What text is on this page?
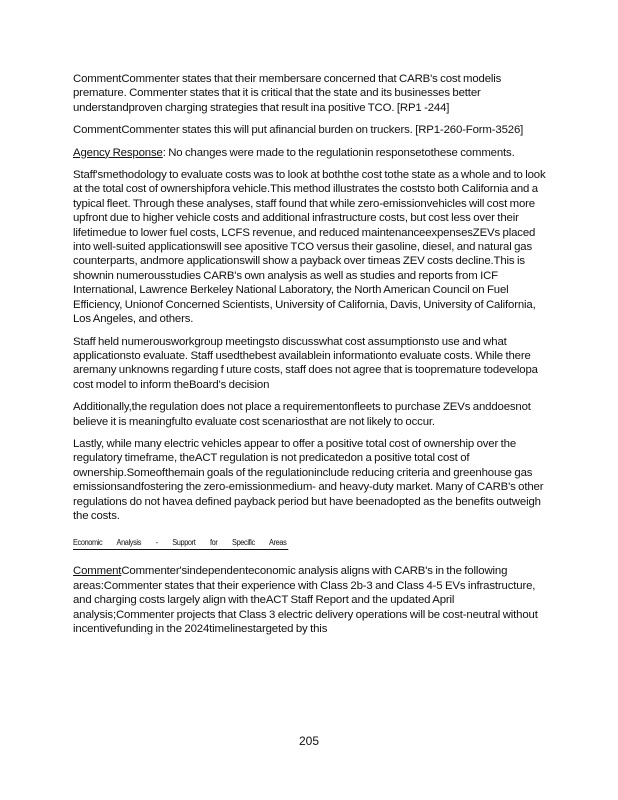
CommentCommenter states that their membersare concerned that CARB's cost modelis premature. Commenter states that it is critical that the state and its businesses better understandproven charging strategies that result ina positive TCO. [RP1 -244]

CommentCommenter states this will put afinancial burden on truckers. [RP1-260-Form-3526]

Agency Response: No changes were made to the regulationin responsetothese comments.

Staff'smethodology to evaluate costs was to look at boththe cost tothe state as a whole and to look at the total cost of ownershipfora vehicle.This method illustrates the coststo both California and a typical fleet. Through these analyses, staff found that while zero-emissionvehicles will cost more upfront due to higher vehicle costs and additional infrastructure costs, but cost less over their lifetimedue to lower fuel costs, LCFS revenue, and reduced maintenanceexpensesZEVs placed into well-suited applicationswill see apositive TCO versus their gasoline, diesel, and natural gas counterparts, andmore applicationswill show a payback over timeas ZEV costs decline.This is shownin numerousstudies CARB's own analysis as well as studies and reports from ICF International, Lawrence Berkeley National Laboratory, the North American Council on Fuel Efficiency, Unionof Concerned Scientists, University of California, Davis, University of California, Los Angeles, and others.

Staff held numerousworkgroup meetingsto discusswhat cost assumptionsto use and what applicationsto evaluate. Staff usedthebest availablein informationto evaluate costs. While there aremany unknowns regarding f uture costs, staff does not agree that is toopremature todevelopa cost model to inform theBoard's decision

Additionally,the regulation does not place a requirementonfleets to purchase ZEVs anddoesnot believe it is meaningfulto evaluate cost scenariosthat are not likely to occur.

Lastly, while many electric vehicles appear to offer a positive total cost of ownership over the regulatory timeframe, theACT regulation is not predicatedon a positive total cost of ownership.Someofthemain goals of the regulationinclude reducing criteria and greenhouse gas emissionsandfostering the zero-emissionmedium- and heavy-duty market. Many of CARB's other regulations do not havea defined payback period but have beenadopted as the benefits outweigh the costs.

Economic Analysis - Support for Specific Areas

CommentCommenter'sindependenteconomic analysis aligns with CARB's in the following areas:Commenter states that their experience with Class 2b-3 and Class 4-5 EVs infrastructure, and charging costs largely align with theACT Staff Report and the updated April analysis;Commenter projects that Class 3 electric delivery operations will be cost-neutral without incentivefunding in the 2024timelinestargeted by this

205
